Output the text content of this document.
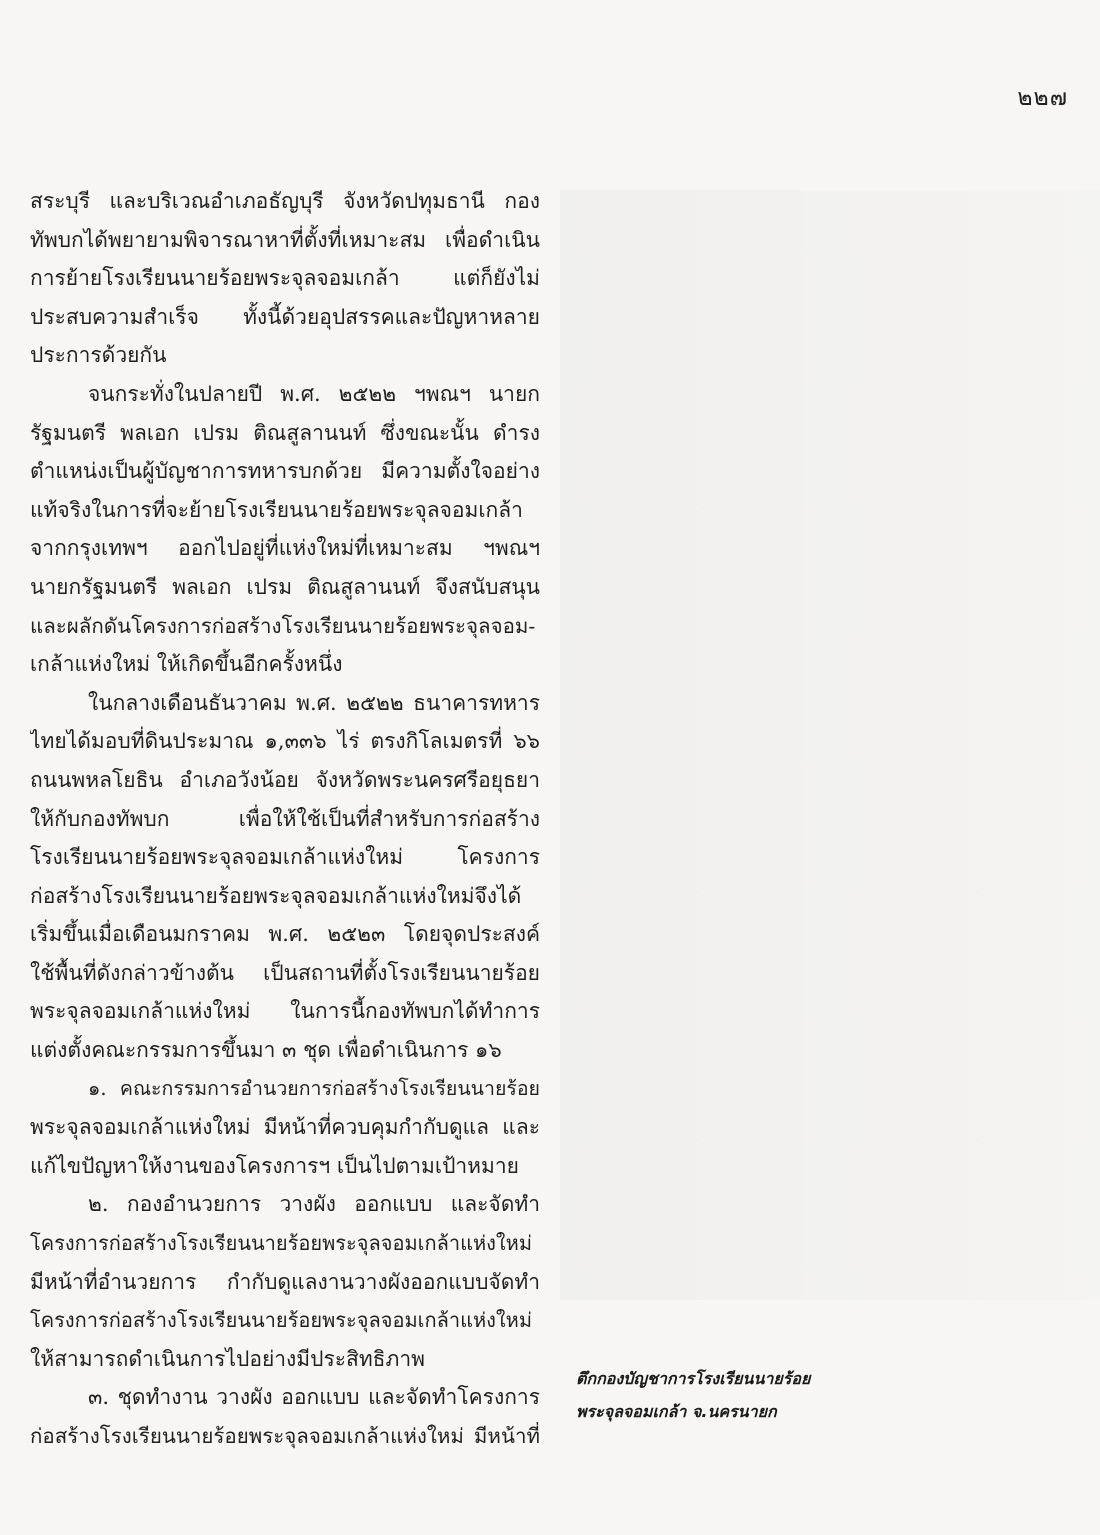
๒๒๗
สระบุรี และบริเวณอำเภอธัญบุรี จังหวัดปทุมธานี กอง
ทัพบกได้พยายามพิจารณาหาที่ตั้งที่เหมาะสม เพื่อดำเนิน
การย้ายโรงเรียนนายร้อยพระจุลจอมเกล้า แต่ก็ยังไม่
ประสบความสำเร็จ ทั้งนี้ด้วยอุปสรรคและปัญหาหลาย
ประการด้วยกัน
จนกระทั่งในปลายปี พ.ศ. ๒๕๒๒ ฯพณฯ นายก
รัฐมนตรี พลเอก เปรม ติณสูลานนท์ ซึ่งขณะนั้น ดำรง
ตำแหน่งเป็นผู้บัญชาการทหารบกด้วย มีความตั้งใจอย่าง
แท้จริงในการที่จะย้ายโรงเรียนนายร้อยพระจุลจอมเกล้า
จากกรุงเทพฯ ออกไปอยู่ที่แห่งใหม่ที่เหมาะสม ฯพณฯ
นายกรัฐมนตรี พลเอก เปรม ติณสูลานนท์ จึงสนับสนุน
และผลักดันโครงการก่อสร้างโรงเรียนนายร้อยพระจุลจอม-
เกล้าแห่งใหม่ ให้เกิดขึ้นอีกครั้งหนึ่ง
ในกลางเดือนธันวาคม พ.ศ. ๒๕๒๒ ธนาคารทหาร
ไทยได้มอบที่ดินประมาณ ๑,๓๓๖ ไร่ ตรงกิโลเมตรที่ ๖๖
ถนนพหลโยธิน อำเภอวังน้อย จังหวัดพระนครศรีอยุธยา
ให้กับกองทัพบก เพื่อให้ใช้เป็นที่สำหรับการก่อสร้าง
โรงเรียนนายร้อยพระจุลจอมเกล้าแห่งใหม่ โครงการ
ก่อสร้างโรงเรียนนายร้อยพระจุลจอมเกล้าแห่งใหม่จึงได้
เริ่มขึ้นเมื่อเดือนมกราคม พ.ศ. ๒๕๒๓ โดยจุดประสงค์
ใช้พื้นที่ดังกล่าวข้างต้น เป็นสถานที่ตั้งโรงเรียนนายร้อย
พระจุลจอมเกล้าแห่งใหม่ ในการนี้กองทัพบกได้ทำการ
แต่งตั้งคณะกรรมการขึ้นมา ๓ ชุด เพื่อดำเนินการ ๑๖
๑. คณะกรรมการอำนวยการก่อสร้างโรงเรียนนายร้อย
พระจุลจอมเกล้าแห่งใหม่ มีหน้าที่ควบคุมกำกับดูแล และ
แก้ไขปัญหาให้งานของโครงการฯ เป็นไปตามเป้าหมาย
๒. กองอำนวยการ วางผัง ออกแบบ และจัดทำ
โครงการก่อสร้างโรงเรียนนายร้อยพระจุลจอมเกล้าแห่งใหม่
มีหน้าที่อำนวยการ กำกับดูแลงานวางผังออกแบบจัดทำ
โครงการก่อสร้างโรงเรียนนายร้อยพระจุลจอมเกล้าแห่งใหม่
ให้สามารถดำเนินการไปอย่างมีประสิทธิภาพ
๓. ชุดทำงาน วางผัง ออกแบบ และจัดทำโครงการ
ก่อสร้างโรงเรียนนายร้อยพระจุลจอมเกล้าแห่งใหม่ มีหน้าที่
ตึกกองบัญชาการโรงเรียนนายร้อย
พระจุลจอมเกล้า จ.นครนายก
